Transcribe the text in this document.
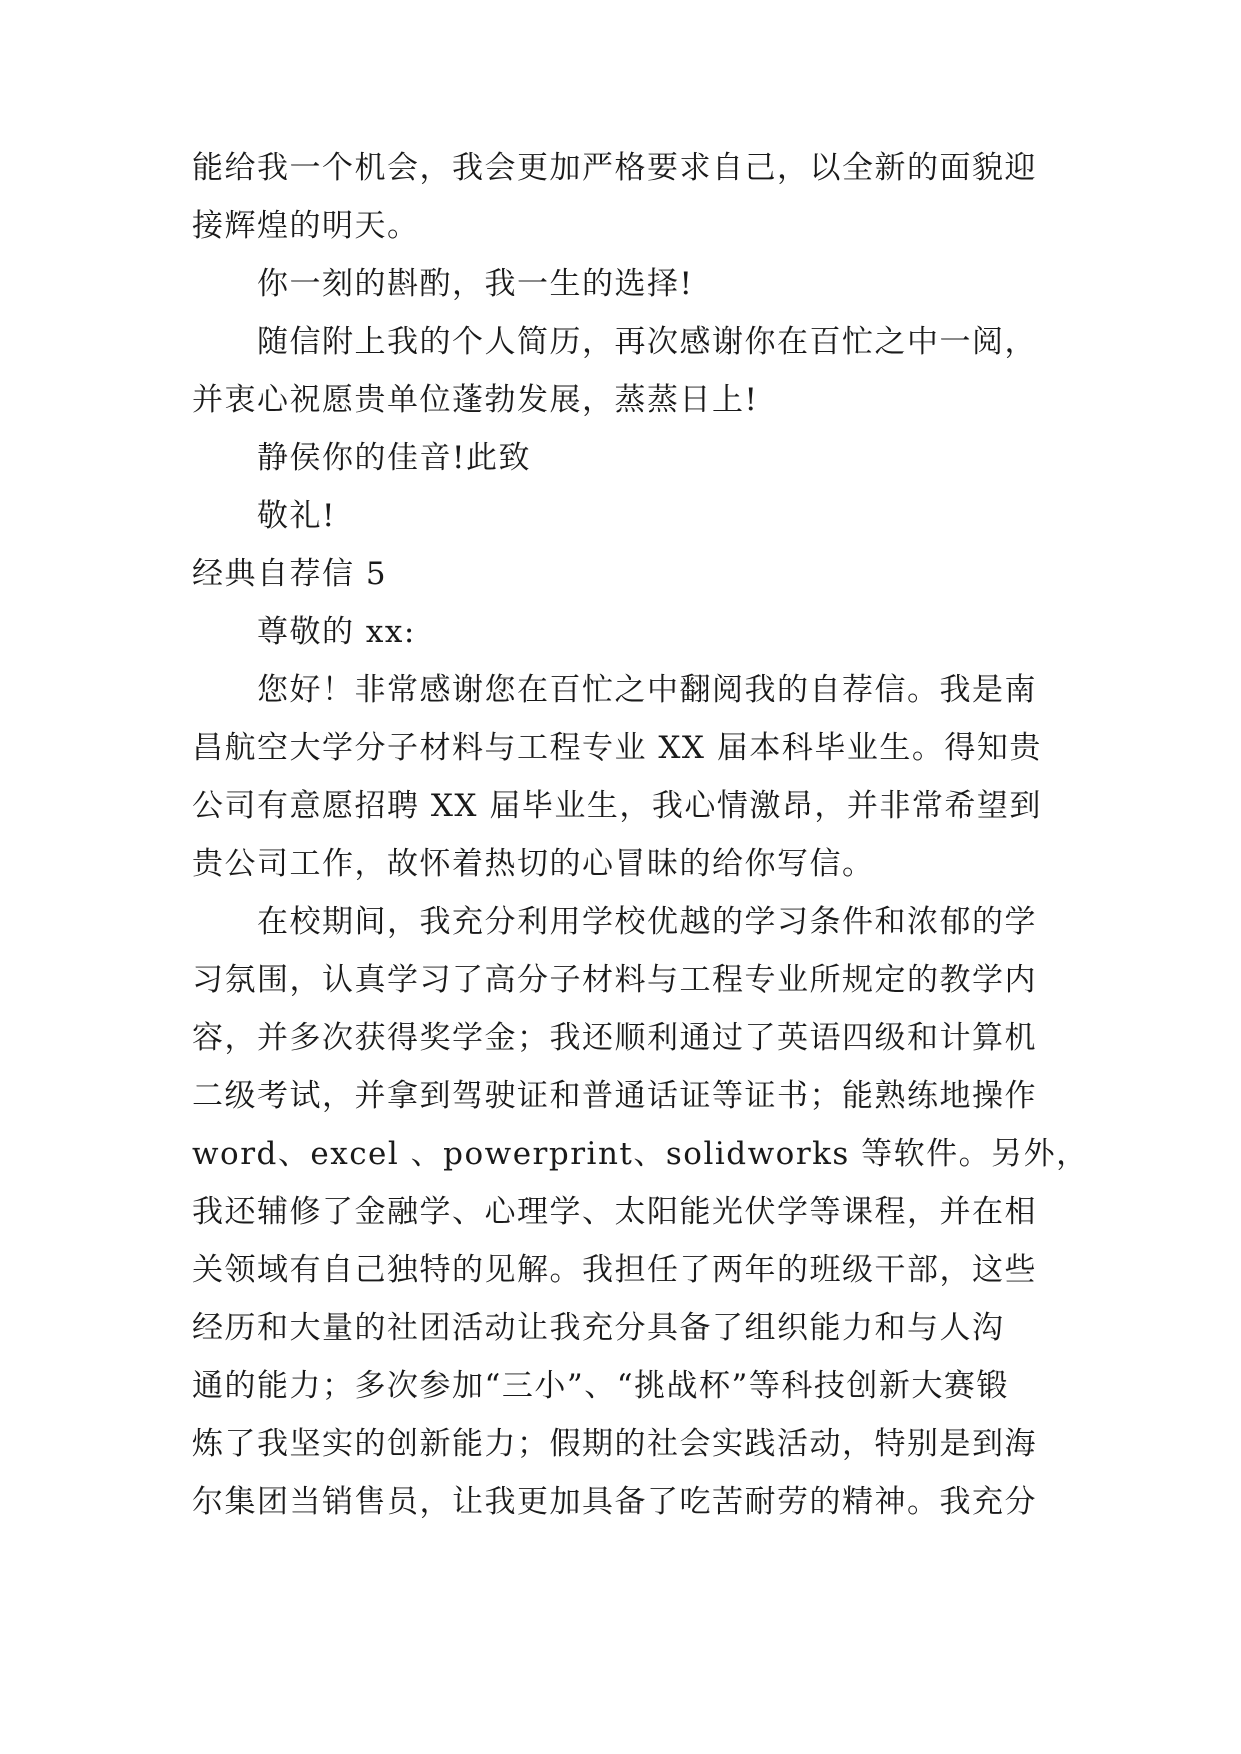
能给我一个机会，我会更加严格要求自己，以全新的面貌迎
接辉煌的明天。
你一刻的斟酌，我一生的选择!
随信附上我的个人简历，再次感谢你在百忙之中一阅，
并衷心祝愿贵单位蓬勃发展，蒸蒸日上!
静侯你的佳音!此致
敬礼!
经典自荐信 5
尊敬的 xx:
您好！非常感谢您在百忙之中翻阅我的自荐信。我是南
昌航空大学分子材料与工程专业 XX 届本科毕业生。得知贵
公司有意愿招聘 XX 届毕业生，我心情激昂，并非常希望到
贵公司工作，故怀着热切的心冒昧的给你写信。
在校期间，我充分利用学校优越的学习条件和浓郁的学
习氛围，认真学习了高分子材料与工程专业所规定的教学内
容，并多次获得奖学金；我还顺利通过了英语四级和计算机
二级考试，并拿到驾驶证和普通话证等证书；能熟练地操作
word、excel 、powerprint、solidworks 等软件。另外，
我还辅修了金融学、心理学、太阳能光伏学等课程，并在相
关领域有自己独特的见解。我担任了两年的班级干部，这些
经历和大量的社团活动让我充分具备了组织能力和与人沟
通的能力；多次参加“三小”、“挑战杯”等科技创新大赛锻
炼了我坚实的创新能力；假期的社会实践活动，特别是到海
尔集团当销售员，让我更加具备了吃苦耐劳的精神。我充分
